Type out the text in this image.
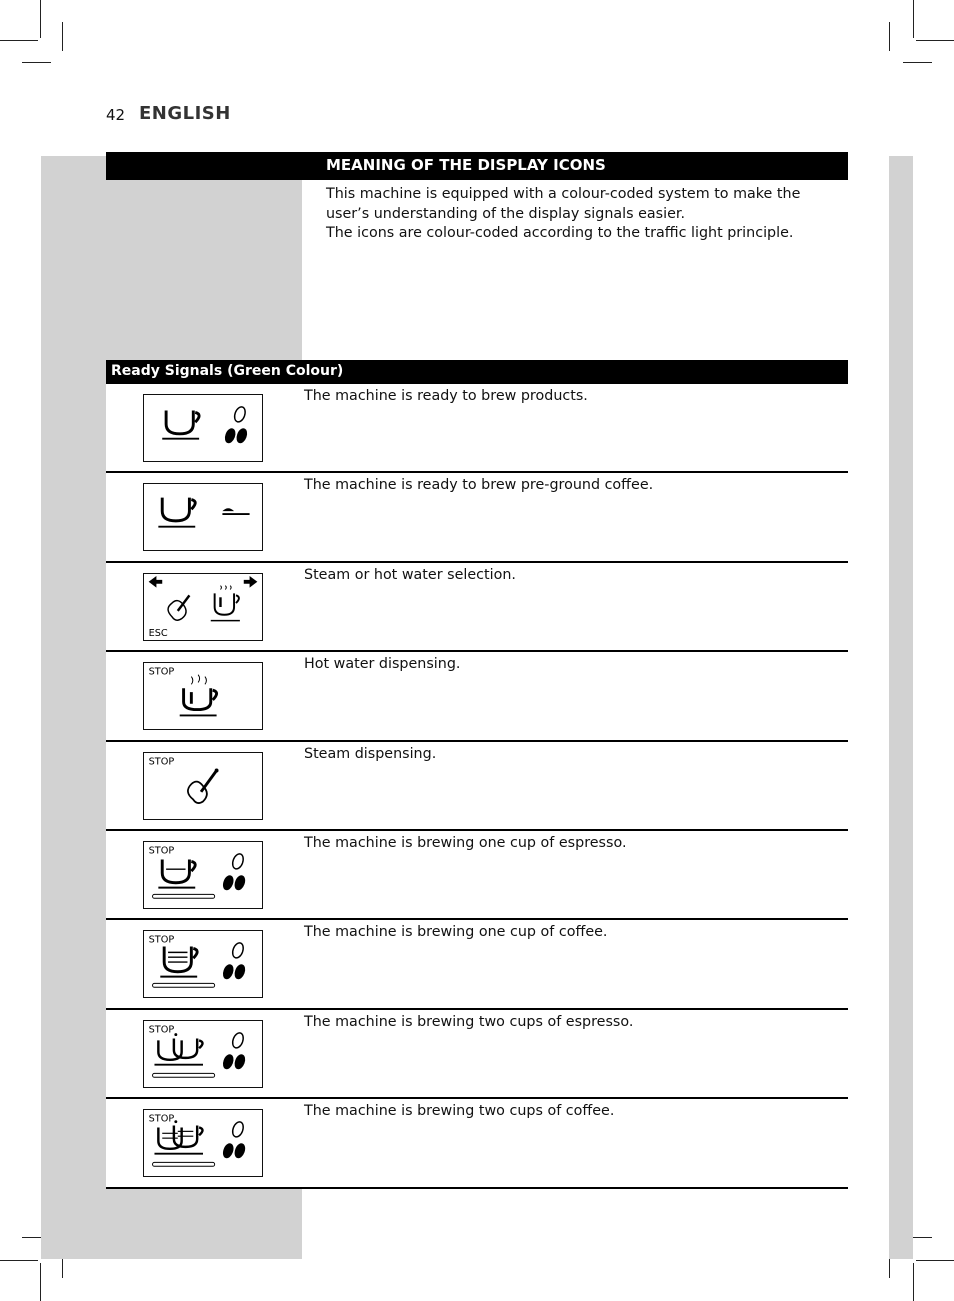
42 ENGLISH
MEANING OF THE DISPLAY ICONS

This machine is equipped with a colour-coded system to make the user’s understanding of the display signals easier.

The icons are colour-coded according to the traffic light principle.

Ready Signals (Green Colour)
The machine is ready to brew products.
The machine is ready to brew pre-ground coffee.
ESC
Steam or hot water selection.
STOP
Hot water dispensing.
STOP
Steam dispensing.
STOP
The machine is brewing one cup of espresso.
STOP
The machine is brewing one cup of coffee.
STOP
The machine is brewing two cups of espresso.
STOP
The machine is brewing two cups of coffee.
